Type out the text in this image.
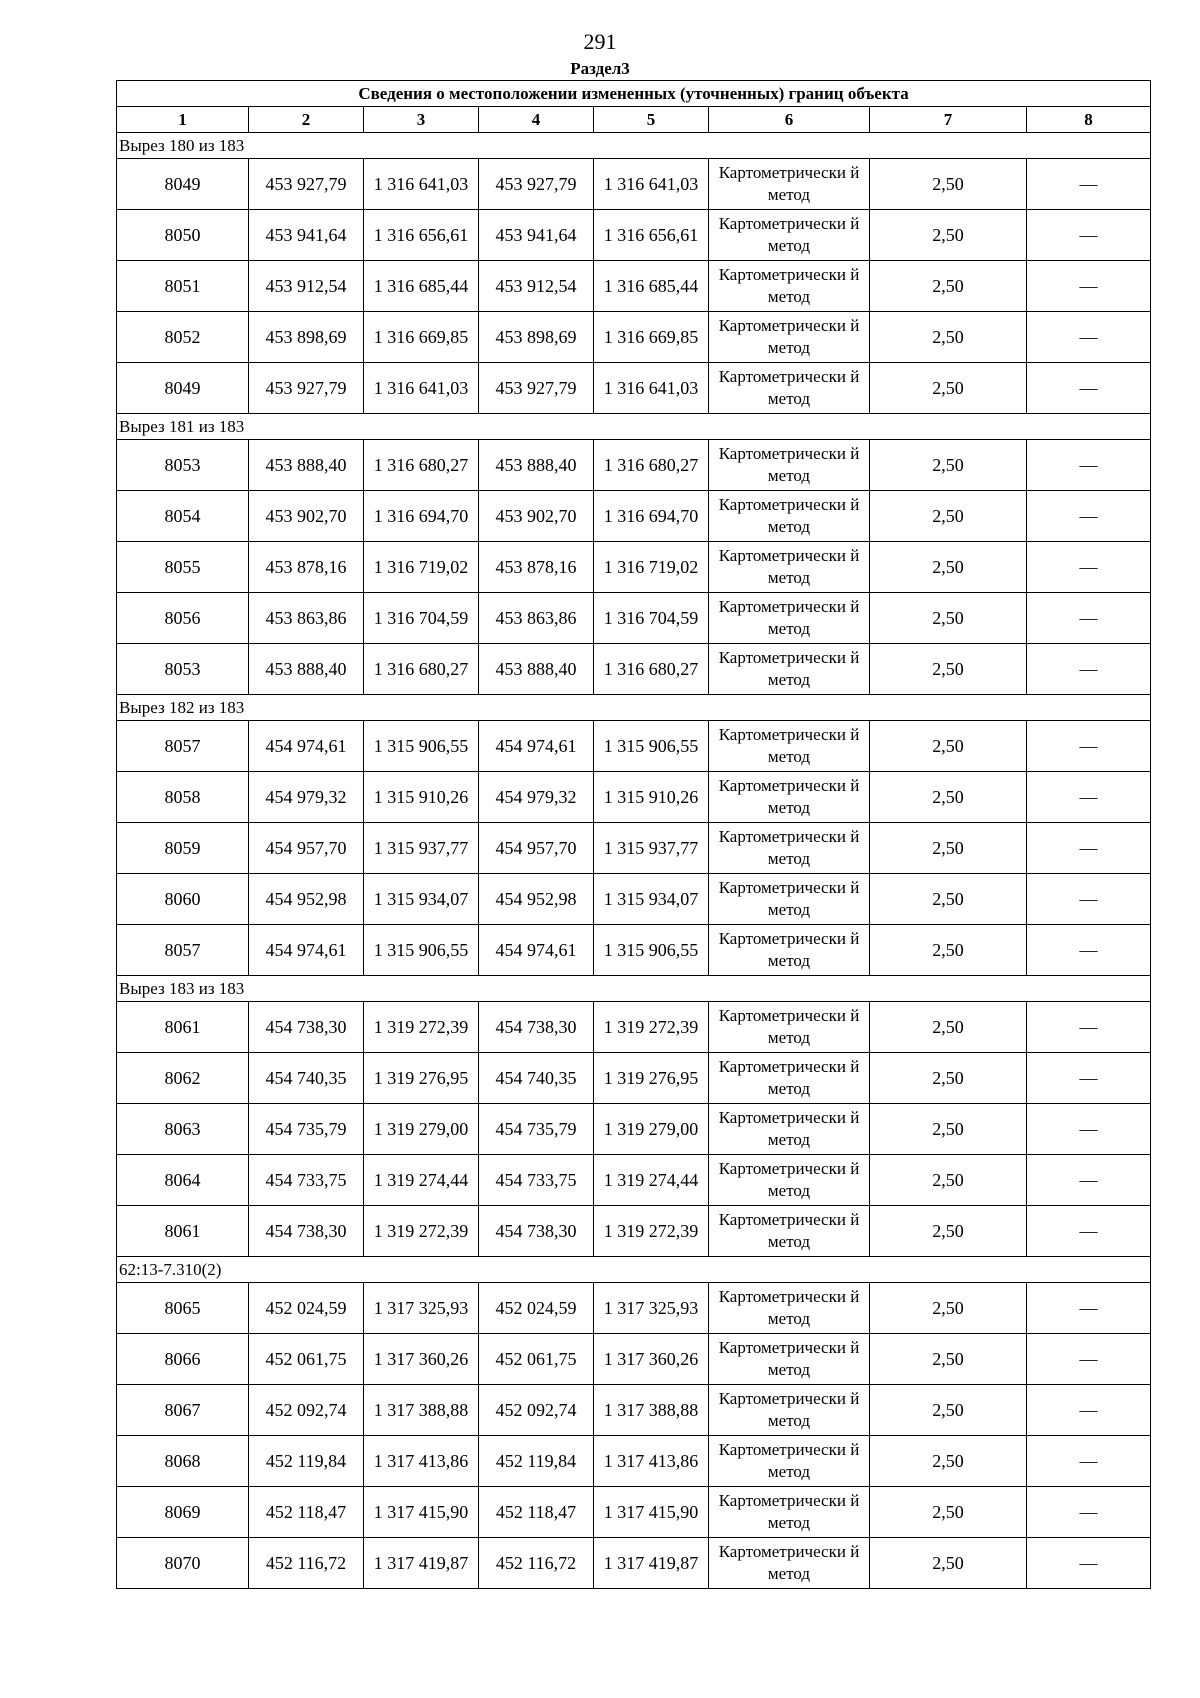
291
Раздел3
Сведения о местоположении измененных (уточненных) границ объекта							
1	2	3	4	5	6	7	8
Вырез 180 из 183							
8049	453 927,79	1 316 641,03	453 927,79	1 316 641,03	Картометрически й метод	2,50	—
8050	453 941,64	1 316 656,61	453 941,64	1 316 656,61	Картометрически й метод	2,50	—
8051	453 912,54	1 316 685,44	453 912,54	1 316 685,44	Картометрически й метод	2,50	—
8052	453 898,69	1 316 669,85	453 898,69	1 316 669,85	Картометрически й метод	2,50	—
8049	453 927,79	1 316 641,03	453 927,79	1 316 641,03	Картометрически й метод	2,50	—
Вырез 181 из 183							
8053	453 888,40	1 316 680,27	453 888,40	1 316 680,27	Картометрически й метод	2,50	—
8054	453 902,70	1 316 694,70	453 902,70	1 316 694,70	Картометрически й метод	2,50	—
8055	453 878,16	1 316 719,02	453 878,16	1 316 719,02	Картометрически й метод	2,50	—
8056	453 863,86	1 316 704,59	453 863,86	1 316 704,59	Картометрически й метод	2,50	—
8053	453 888,40	1 316 680,27	453 888,40	1 316 680,27	Картометрически й метод	2,50	—
Вырез 182 из 183							
8057	454 974,61	1 315 906,55	454 974,61	1 315 906,55	Картометрически й метод	2,50	—
8058	454 979,32	1 315 910,26	454 979,32	1 315 910,26	Картометрически й метод	2,50	—
8059	454 957,70	1 315 937,77	454 957,70	1 315 937,77	Картометрически й метод	2,50	—
8060	454 952,98	1 315 934,07	454 952,98	1 315 934,07	Картометрически й метод	2,50	—
8057	454 974,61	1 315 906,55	454 974,61	1 315 906,55	Картометрически й метод	2,50	—
Вырез 183 из 183							
8061	454 738,30	1 319 272,39	454 738,30	1 319 272,39	Картометрически й метод	2,50	—
8062	454 740,35	1 319 276,95	454 740,35	1 319 276,95	Картометрически й метод	2,50	—
8063	454 735,79	1 319 279,00	454 735,79	1 319 279,00	Картометрически й метод	2,50	—
8064	454 733,75	1 319 274,44	454 733,75	1 319 274,44	Картометрически й метод	2,50	—
8061	454 738,30	1 319 272,39	454 738,30	1 319 272,39	Картометрически й метод	2,50	—
62:13-7.310(2)							
8065	452 024,59	1 317 325,93	452 024,59	1 317 325,93	Картометрически й метод	2,50	—
8066	452 061,75	1 317 360,26	452 061,75	1 317 360,26	Картометрически й метод	2,50	—
8067	452 092,74	1 317 388,88	452 092,74	1 317 388,88	Картометрически й метод	2,50	—
8068	452 119,84	1 317 413,86	452 119,84	1 317 413,86	Картометрически й метод	2,50	—
8069	452 118,47	1 317 415,90	452 118,47	1 317 415,90	Картометрически й метод	2,50	—
8070	452 116,72	1 317 419,87	452 116,72	1 317 419,87	Картометрически й метод	2,50	—
